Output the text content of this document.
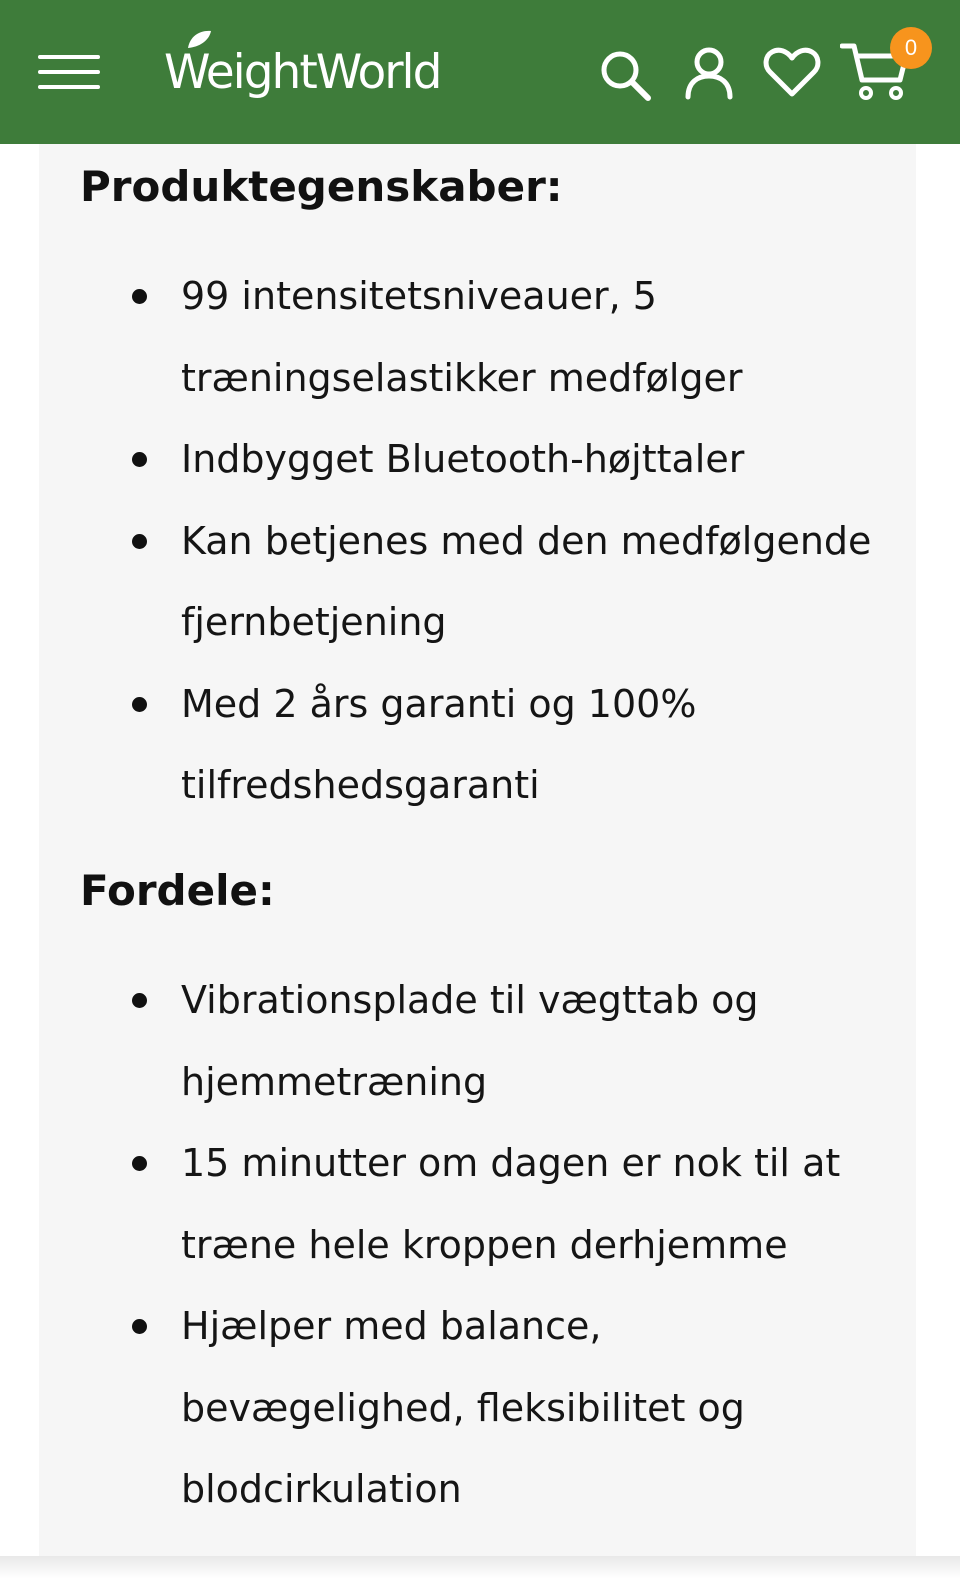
WeightWorld	0
Produktegenskaber:
99 intensitetsniveauer, 5 træningselastikker medfølger
Indbygget Bluetooth-højttaler
Kan betjenes med den medfølgende fjernbetjening
Med 2 års garanti og 100% tilfredshedsgaranti
Fordele:
Vibrationsplade til vægttab og hjemmetræning
15 minutter om dagen er nok til at træne hele kroppen derhjemme
Hjælper med balance, bevægelighed, fleksibilitet og blodcirkulation
